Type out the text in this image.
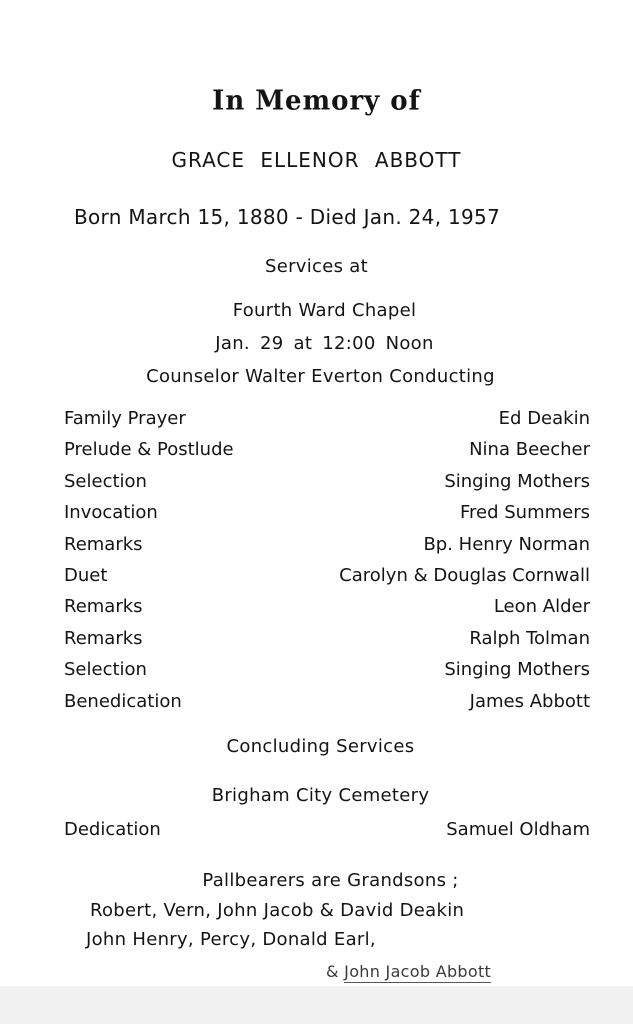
In Memory of
GRACE ELLENOR ABBOTT
Born March 15, 1880 - Died Jan. 24, 1957
Services at
Fourth Ward Chapel
Jan. 29 at 12:00 Noon
Counselor Walter Everton Conducting
Family Prayer	Ed Deakin
Prelude & Postlude	Nina Beecher
Selection	Singing Mothers
Invocation	Fred Summers
Remarks	Bp. Henry Norman
Duet	Carolyn & Douglas Cornwall
Remarks	Leon Alder
Remarks	Ralph Tolman
Selection	Singing Mothers
Benedication	James Abbott
Concluding Services
Brigham City Cemetery
Dedication	Samuel Oldham
Pallbearers are Grandsons ;
Robert, Vern, John Jacob & David Deakin
John Henry, Percy, Donald Earl,
& John Jacob Abbott
